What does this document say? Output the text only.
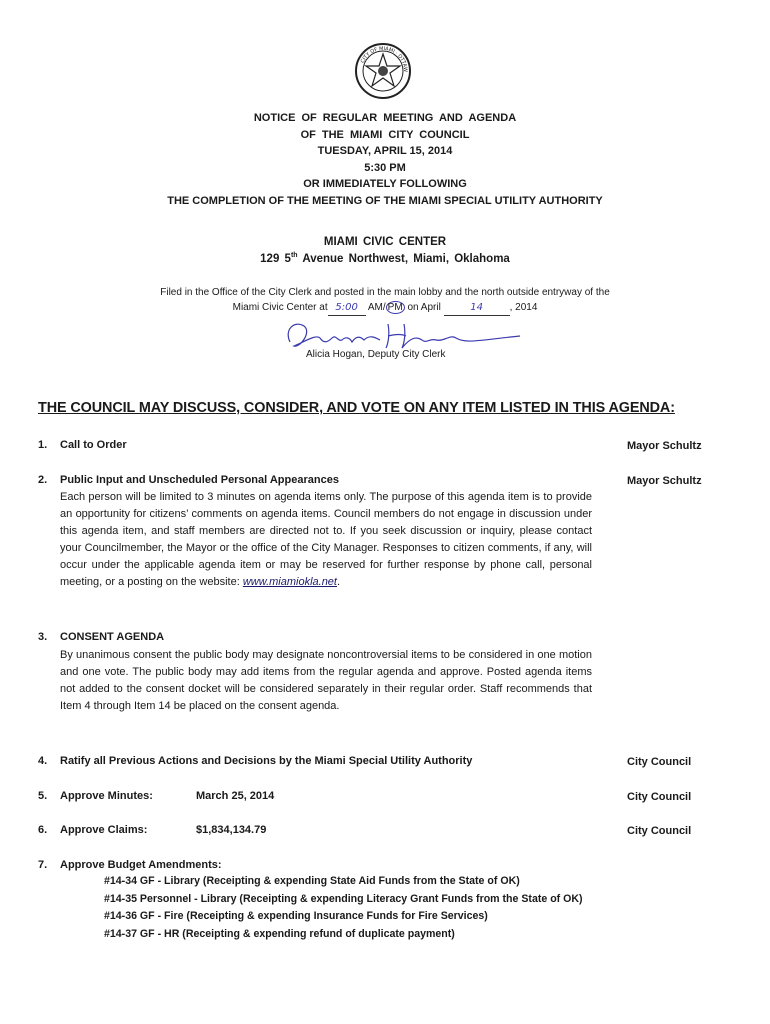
CITY OF MIAMI · OTTAW
NOTICE OF REGULAR MEETING AND AGENDA
OF THE MIAMI CITY COUNCIL
TUESDAY, APRIL 15, 2014
5:30 PM
OR IMMEDIATELY FOLLOWING
THE COMPLETION OF THE MEETING OF THE MIAMI SPECIAL UTILITY AUTHORITY
MIAMI CIVIC CENTER
129 5th Avenue Northwest, Miami, Oklahoma
Filed in the Office of the City Clerk and posted in the main lobby and the north outside entryway of the
Miami Civic Center at 5:00 AM/ PM on April	14	, 2014
Alicia Hogan, Deputy City Clerk
THE COUNCIL MAY DISCUSS, CONSIDER, AND VOTE ON ANY ITEM LISTED IN THIS AGENDA:
1. Call to Order	Mayor Schultz
2. Public Input and Unscheduled Personal Appearances	Mayor Schultz
Each person will be limited to 3 minutes on agenda items only. The purpose of this agenda item is to provide an opportunity for citizens’ comments on agenda items. Council members do not engage in discussion under this agenda item, and staff members are directed not to. If you seek discussion or inquiry, please contact your Councilmember, the Mayor or the office of the City Manager. Responses to citizen comments, if any, will occur under the applicable agenda item or may be reserved for further response by phone call, personal meeting, or a posting on the website: www.miamiokla.net.
3. CONSENT AGENDA
By unanimous consent the public body may designate noncontroversial items to be considered in one motion and one vote. The public body may add items from the regular agenda and approve. Posted agenda items not added to the consent docket will be considered separately in their regular order. Staff recommends that Item 4 through Item 14 be placed on the consent agenda.
4. Ratify all Previous Actions and Decisions by the Miami Special Utility Authority	City Council
5. Approve Minutes:	March 25, 2014	City Council
6. Approve Claims:	$1,834,134.79	City Council
7. Approve Budget Amendments:
#14-34 GF - Library (Receipting & expending State Aid Funds from the State of OK)
#14-35 Personnel - Library (Receipting & expending Literacy Grant Funds from the State of OK)
#14-36 GF - Fire (Receipting & expending Insurance Funds for Fire Services)
#14-37 GF - HR (Receipting & expending refund of duplicate payment)
